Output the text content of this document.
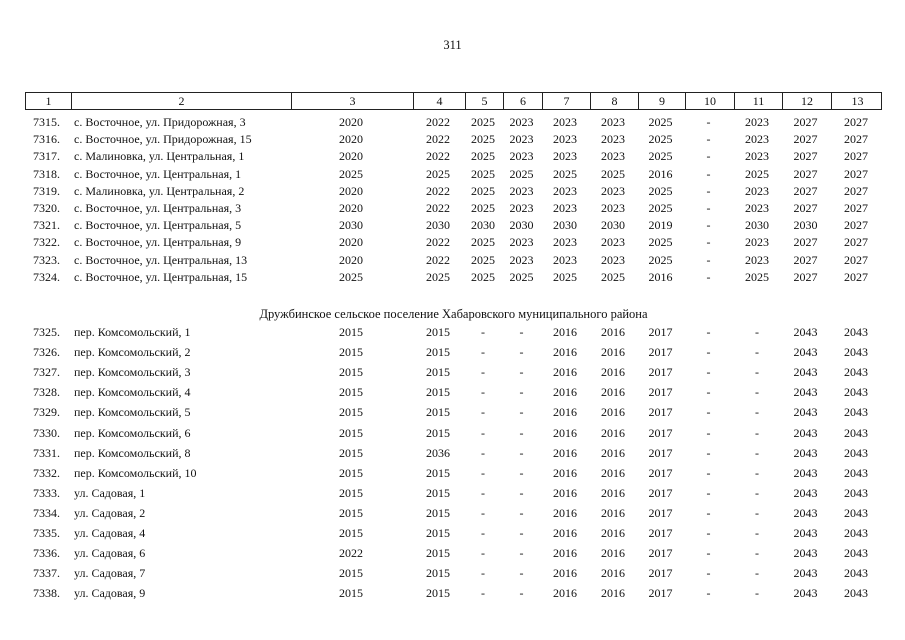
311
1	2	3	4	5	6	7	8	9	10	11	12	13
7315.	с. Восточное, ул. Придорожная, 3	2020	2022	2025	2023	2023	2023	2025	-	2023	2027	2027
7316.	с. Восточное, ул. Придорожная, 15	2020	2022	2025	2023	2023	2023	2025	-	2023	2027	2027
7317.	с. Малиновка, ул. Центральная, 1	2020	2022	2025	2023	2023	2023	2025	-	2023	2027	2027
7318.	с. Восточное, ул. Центральная, 1	2025	2025	2025	2025	2025	2025	2016	-	2025	2027	2027
7319.	с. Малиновка, ул. Центральная, 2	2020	2022	2025	2023	2023	2023	2025	-	2023	2027	2027
7320.	с. Восточное, ул. Центральная, 3	2020	2022	2025	2023	2023	2023	2025	-	2023	2027	2027
7321.	с. Восточное, ул. Центральная, 5	2030	2030	2030	2030	2030	2030	2019	-	2030	2030	2027
7322.	с. Восточное, ул. Центральная, 9	2020	2022	2025	2023	2023	2023	2025	-	2023	2027	2027
7323.	с. Восточное, ул. Центральная, 13	2020	2022	2025	2023	2023	2023	2025	-	2023	2027	2027
7324.	с. Восточное, ул. Центральная, 15	2025	2025	2025	2025	2025	2025	2016	-	2025	2027	2027
Дружбинское сельское поселение Хабаровского муниципального района
7325.	пер. Комсомольский, 1	2015	2015	-	-	2016	2016	2017	-	-	2043	2043
7326.	пер. Комсомольский, 2	2015	2015	-	-	2016	2016	2017	-	-	2043	2043
7327.	пер. Комсомольский, 3	2015	2015	-	-	2016	2016	2017	-	-	2043	2043
7328.	пер. Комсомольский, 4	2015	2015	-	-	2016	2016	2017	-	-	2043	2043
7329.	пер. Комсомольский, 5	2015	2015	-	-	2016	2016	2017	-	-	2043	2043
7330.	пер. Комсомольский, 6	2015	2015	-	-	2016	2016	2017	-	-	2043	2043
7331.	пер. Комсомольский, 8	2015	2036	-	-	2016	2016	2017	-	-	2043	2043
7332.	пер. Комсомольский, 10	2015	2015	-	-	2016	2016	2017	-	-	2043	2043
7333.	ул. Садовая, 1	2015	2015	-	-	2016	2016	2017	-	-	2043	2043
7334.	ул. Садовая, 2	2015	2015	-	-	2016	2016	2017	-	-	2043	2043
7335.	ул. Садовая, 4	2015	2015	-	-	2016	2016	2017	-	-	2043	2043
7336.	ул. Садовая, 6	2022	2015	-	-	2016	2016	2017	-	-	2043	2043
7337.	ул. Садовая, 7	2015	2015	-	-	2016	2016	2017	-	-	2043	2043
7338.	ул. Садовая, 9	2015	2015	-	-	2016	2016	2017	-	-	2043	2043
